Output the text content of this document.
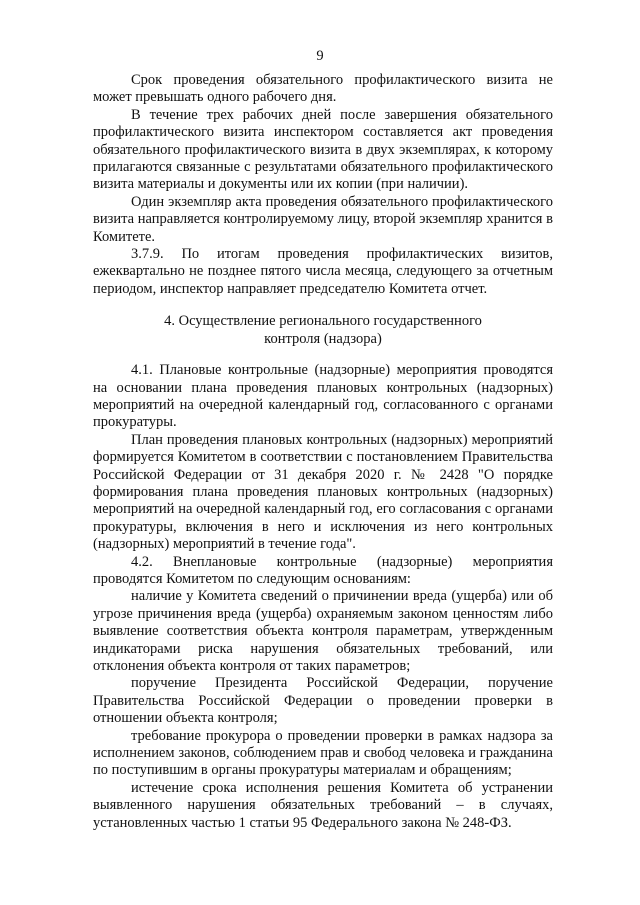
9

Срок проведения обязательного профилактического визита не может превышать одного рабочего дня.

В течение трех рабочих дней после завершения обязательного профилактического визита инспектором составляется акт проведения обязательного профилактического визита в двух экземплярах, к которому прилагаются связанные с результатами обязательного профилактического визита материалы и документы или их копии (при наличии).

Один экземпляр акта проведения обязательного профилактического визита направляется контролируемому лицу, второй экземпляр хранится в Комитете.

3.7.9. По итогам проведения профилактических визитов, ежеквартально не позднее пятого числа месяца, следующего за отчетным периодом, инспектор направляет председателю Комитета отчет.

4. Осуществление регионального государственного
контроля (надзора)

4.1. Плановые контрольные (надзорные) мероприятия проводятся на основании плана проведения плановых контрольных (надзорных) мероприятий на очередной календарный год, согласованного с органами прокуратуры.

План проведения плановых контрольных (надзорных) мероприятий формируется Комитетом в соответствии с постановлением Правительства Российской Федерации от 31 декабря 2020 г. № 2428 "О порядке формирования плана проведения плановых контрольных (надзорных) мероприятий на очередной календарный год, его согласования с органами прокуратуры, включения в него и исключения из него контрольных (надзорных) мероприятий в течение года".

4.2. Внеплановые контрольные (надзорные) мероприятия проводятся Комитетом по следующим основаниям:

наличие у Комитета сведений о причинении вреда (ущерба) или об угрозе причинения вреда (ущерба) охраняемым законом ценностям либо выявление соответствия объекта контроля параметрам, утвержденным индикаторами риска нарушения обязательных требований, или отклонения объекта контроля от таких параметров;

поручение Президента Российской Федерации, поручение Правительства Российской Федерации о проведении проверки в отношении объекта контроля;

требование прокурора о проведении проверки в рамках надзора за исполнением законов, соблюдением прав и свобод человека и гражданина по поступившим в органы прокуратуры материалам и обращениям;

истечение срока исполнения решения Комитета об устранении выявленного нарушения обязательных требований – в случаях, установленных частью 1 статьи 95 Федерального закона № 248-ФЗ.
